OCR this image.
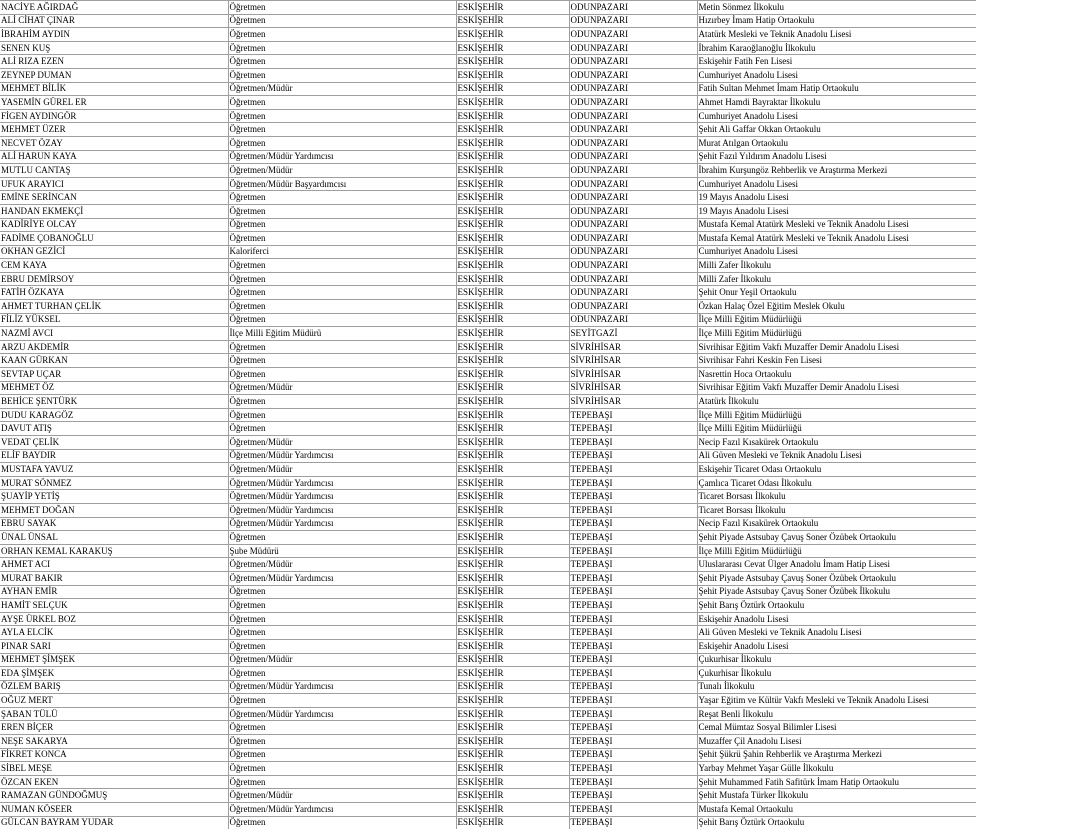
NACİYE AĞIRDAĞ	Öğretmen	ESKİŞEHİR	ODUNPAZARI	Metin Sönmez İlkokulu
ALİ CİHAT ÇINAR	Öğretmen	ESKİŞEHİR	ODUNPAZARI	Hızırbey İmam Hatip Ortaokulu
İBRAHİM AYDIN	Öğretmen	ESKİŞEHİR	ODUNPAZARI	Atatürk Mesleki ve Teknik Anadolu Lisesi
SENEN KUŞ	Öğretmen	ESKİŞEHİR	ODUNPAZARI	İbrahim Karaoğlanoğlu İlkokulu
ALİ RIZA EZEN	Öğretmen	ESKİŞEHİR	ODUNPAZARI	Eskişehir Fatih Fen Lisesi
ZEYNEP DUMAN	Öğretmen	ESKİŞEHİR	ODUNPAZARI	Cumhuriyet Anadolu Lisesi
MEHMET BİLİK	Öğretmen/Müdür	ESKİŞEHİR	ODUNPAZARI	Fatih Sultan Mehmet İmam Hatip Ortaokulu
YASEMİN GÜREL ER	Öğretmen	ESKİŞEHİR	ODUNPAZARI	Ahmet Hamdi Bayraktar İlkokulu
FİGEN AYDINGÖR	Öğretmen	ESKİŞEHİR	ODUNPAZARI	Cumhuriyet Anadolu Lisesi
MEHMET ÜZER	Öğretmen	ESKİŞEHİR	ODUNPAZARI	Şehit Ali Gaffar Okkan Ortaokulu
NECVET ÖZAY	Öğretmen	ESKİŞEHİR	ODUNPAZARI	Murat Atılgan Ortaokulu
ALİ HARUN KAYA	Öğretmen/Müdür Yardımcısı	ESKİŞEHİR	ODUNPAZARI	Şehit Fazıl Yıldırım Anadolu Lisesi
MUTLU CANTAŞ	Öğretmen/Müdür	ESKİŞEHİR	ODUNPAZARI	İbrahim Kurşungöz Rehberlik ve Araştırma Merkezi
UFUK ARAYICI	Öğretmen/Müdür Başyardımcısı	ESKİŞEHİR	ODUNPAZARI	Cumhuriyet Anadolu Lisesi
EMİNE SERİNCAN	Öğretmen	ESKİŞEHİR	ODUNPAZARI	19 Mayıs Anadolu Lisesi
HANDAN EKMEKÇİ	Öğretmen	ESKİŞEHİR	ODUNPAZARI	19 Mayıs Anadolu Lisesi
KADİRİYE OLCAY	Öğretmen	ESKİŞEHİR	ODUNPAZARI	Mustafa Kemal Atatürk Mesleki ve Teknik Anadolu Lisesi
FADİME ÇOBANOĞLU	Öğretmen	ESKİŞEHİR	ODUNPAZARI	Mustafa Kemal Atatürk Mesleki ve Teknik Anadolu Lisesi
OKHAN GEZİCİ	Kaloriferci	ESKİŞEHİR	ODUNPAZARI	Cumhuriyet Anadolu Lisesi
CEM KAYA	Öğretmen	ESKİŞEHİR	ODUNPAZARI	Milli Zafer İlkokulu
EBRU DEMİRSOY	Öğretmen	ESKİŞEHİR	ODUNPAZARI	Milli Zafer İlkokulu
FATİH ÖZKAYA	Öğretmen	ESKİŞEHİR	ODUNPAZARI	Şehit Onur Yeşil Ortaokulu
AHMET TURHAN ÇELİK	Öğretmen	ESKİŞEHİR	ODUNPAZARI	Özkan Halaç Özel Eğitim Meslek Okulu
FİLİZ YÜKSEL	Öğretmen	ESKİŞEHİR	ODUNPAZARI	İlçe Milli Eğitim Müdürlüğü
NAZMİ AVCI	İlçe Milli Eğitim Müdürü	ESKİŞEHİR	SEYİTGAZİ	İlçe Milli Eğitim Müdürlüğü
ARZU AKDEMİR	Öğretmen	ESKİŞEHİR	SİVRİHİSAR	Sivrihisar Eğitim Vakfı Muzaffer Demir Anadolu Lisesi
KAAN GÜRKAN	Öğretmen	ESKİŞEHİR	SİVRİHİSAR	Sivrihisar Fahri Keskin Fen Lisesi
SEVTAP UÇAR	Öğretmen	ESKİŞEHİR	SİVRİHİSAR	Nasrettin Hoca Ortaokulu
MEHMET ÖZ	Öğretmen/Müdür	ESKİŞEHİR	SİVRİHİSAR	Sivrihisar Eğitim Vakfı Muzaffer Demir Anadolu Lisesi
BEHİCE ŞENTÜRK	Öğretmen	ESKİŞEHİR	SİVRİHİSAR	Atatürk İlkokulu
DUDU KARAGÖZ	Öğretmen	ESKİŞEHİR	TEPEBAŞI	İlçe Milli Eğitim Müdürlüğü
DAVUT ATIŞ	Öğretmen	ESKİŞEHİR	TEPEBAŞI	İlçe Milli Eğitim Müdürlüğü
VEDAT ÇELİK	Öğretmen/Müdür	ESKİŞEHİR	TEPEBAŞI	Necip Fazıl Kısakürek Ortaokulu
ELİF BAYDIR	Öğretmen/Müdür Yardımcısı	ESKİŞEHİR	TEPEBAŞI	Ali Güven Mesleki ve Teknik Anadolu Lisesi
MUSTAFA YAVUZ	Öğretmen/Müdür	ESKİŞEHİR	TEPEBAŞI	Eskişehir Ticaret Odası Ortaokulu
MURAT SÖNMEZ	Öğretmen/Müdür Yardımcısı	ESKİŞEHİR	TEPEBAŞI	Çamlıca Ticaret Odası İlkokulu
ŞUAYİP YETİŞ	Öğretmen/Müdür Yardımcısı	ESKİŞEHİR	TEPEBAŞI	Ticaret Borsası İlkokulu
MEHMET DOĞAN	Öğretmen/Müdür Yardımcısı	ESKİŞEHİR	TEPEBAŞI	Ticaret Borsası İlkokulu
EBRU SAYAK	Öğretmen/Müdür Yardımcısı	ESKİŞEHİR	TEPEBAŞI	Necip Fazıl Kısakürek Ortaokulu
ÜNAL ÜNSAL	Öğretmen	ESKİŞEHİR	TEPEBAŞI	Şehit Piyade Astsubay Çavuş Soner Özübek Ortaokulu
ORHAN KEMAL KARAKUŞ	Şube Müdürü	ESKİŞEHİR	TEPEBAŞI	İlçe Milli Eğitim Müdürlüğü
AHMET ACI	Öğretmen/Müdür	ESKİŞEHİR	TEPEBAŞI	Uluslararası Cevat Ülger Anadolu İmam Hatip Lisesi
MURAT BAKIR	Öğretmen/Müdür Yardımcısı	ESKİŞEHİR	TEPEBAŞI	Şehit Piyade Astsubay Çavuş Soner Özübek Ortaokulu
AYHAN EMİR	Öğretmen	ESKİŞEHİR	TEPEBAŞI	Şehit Piyade Astsubay Çavuş Soner Özübek İlkokulu
HAMİT SELÇUK	Öğretmen	ESKİŞEHİR	TEPEBAŞI	Şehit Barış Öztürk Ortaokulu
AYŞE ÜRKEL BOZ	Öğretmen	ESKİŞEHİR	TEPEBAŞI	Eskişehir Anadolu Lisesi
AYLA ELCİK	Öğretmen	ESKİŞEHİR	TEPEBAŞI	Ali Güven Mesleki ve Teknik Anadolu Lisesi
PINAR SARI	Öğretmen	ESKİŞEHİR	TEPEBAŞI	Eskişehir Anadolu Lisesi
MEHMET ŞİMŞEK	Öğretmen/Müdür	ESKİŞEHİR	TEPEBAŞI	Çukurhisar İlkokulu
EDA ŞİMŞEK	Öğretmen	ESKİŞEHİR	TEPEBAŞI	Çukurhisar İlkokulu
ÖZLEM BARIŞ	Öğretmen/Müdür Yardımcısı	ESKİŞEHİR	TEPEBAŞI	Tunalı İlkokulu
OĞUZ MERT	Öğretmen	ESKİŞEHİR	TEPEBAŞI	Yaşar Eğitim ve Kültür Vakfı Mesleki ve Teknik Anadolu Lisesi
ŞABAN TÜLÜ	Öğretmen/Müdür Yardımcısı	ESKİŞEHİR	TEPEBAŞI	Reşat Benli İlkokulu
EREN BİÇER	Öğretmen	ESKİŞEHİR	TEPEBAŞI	Cemal Mümtaz Sosyal Bilimler Lisesi
NEŞE SAKARYA	Öğretmen	ESKİŞEHİR	TEPEBAŞI	Muzaffer Çil Anadolu Lisesi
FİKRET KONCA	Öğretmen	ESKİŞEHİR	TEPEBAŞI	Şehit Şükrü Şahin Rehberlik ve Araştırma Merkezi
SİBEL MEŞE	Öğretmen	ESKİŞEHİR	TEPEBAŞI	Yarbay Mehmet Yaşar Gülle İlkokulu
ÖZCAN EKEN	Öğretmen	ESKİŞEHİR	TEPEBAŞI	Şehit Muhammed Fatih Safitürk İmam Hatip Ortaokulu
RAMAZAN GÜNDOĞMUŞ	Öğretmen/Müdür	ESKİŞEHİR	TEPEBAŞI	Şehit Mustafa Türker İlkokulu
NUMAN KÖSEER	Öğretmen/Müdür Yardımcısı	ESKİŞEHİR	TEPEBAŞI	Mustafa Kemal Ortaokulu
GÜLCAN BAYRAM YUDAR	Öğretmen	ESKİŞEHİR	TEPEBAŞI	Şehit Barış Öztürk Ortaokulu
